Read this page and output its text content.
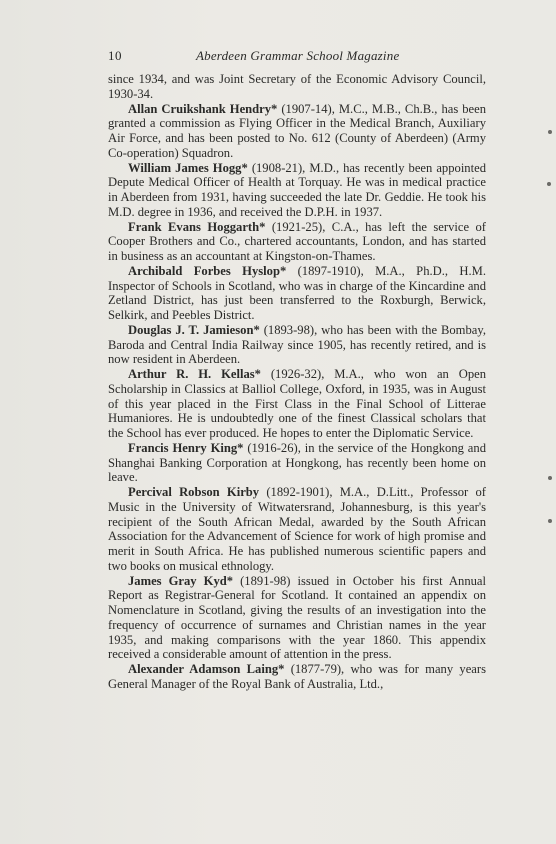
10	Aberdeen Grammar School Magazine

since 1934, and was Joint Secretary of the Economic Advisory Council, 1930-34.

Allan Cruikshank Hendry* (1907-14), M.C., M.B., Ch.B., has been granted a commission as Flying Officer in the Medical Branch, Auxiliary Air Force, and has been posted to No. 612 (County of Aberdeen) (Army Co-operation) Squadron.

William James Hogg* (1908-21), M.D., has recently been appointed Depute Medical Officer of Health at Torquay. He was in medical practice in Aberdeen from 1931, having succeeded the late Dr. Geddie. He took his M.D. degree in 1936, and received the D.P.H. in 1937.

Frank Evans Hoggarth* (1921-25), C.A., has left the service of Cooper Brothers and Co., chartered accountants, London, and has started in business as an accountant at Kingston-on-Thames.

Archibald Forbes Hyslop* (1897-1910), M.A., Ph.D., H.M. Inspector of Schools in Scotland, who was in charge of the Kincardine and Zetland District, has just been transferred to the Roxburgh, Berwick, Selkirk, and Peebles District.

Douglas J. T. Jamieson* (1893-98), who has been with the Bombay, Baroda and Central India Railway since 1905, has recently retired, and is now resident in Aberdeen.

Arthur R. H. Kellas* (1926-32), M.A., who won an Open Scholarship in Classics at Balliol College, Oxford, in 1935, was in August of this year placed in the First Class in the Final School of Litterae Humaniores. He is undoubtedly one of the finest Classical scholars that the School has ever produced. He hopes to enter the Diplomatic Service.

Francis Henry King* (1916-26), in the service of the Hongkong and Shanghai Banking Corporation at Hongkong, has recently been home on leave.

Percival Robson Kirby (1892-1901), M.A., D.Litt., Professor of Music in the University of Witwatersrand, Johannesburg, is this year's recipient of the South African Medal, awarded by the South African Association for the Advancement of Science for work of high promise and merit in South Africa. He has published numerous scientific papers and two books on musical ethnology.

James Gray Kyd* (1891-98) issued in October his first Annual Report as Registrar-General for Scotland. It contained an appendix on Nomenclature in Scotland, giving the results of an investigation into the frequency of occurrence of surnames and Christian names in the year 1935, and making comparisons with the year 1860. This appendix received a considerable amount of attention in the press.

Alexander Adamson Laing* (1877-79), who was for many years General Manager of the Royal Bank of Australia, Ltd.,
